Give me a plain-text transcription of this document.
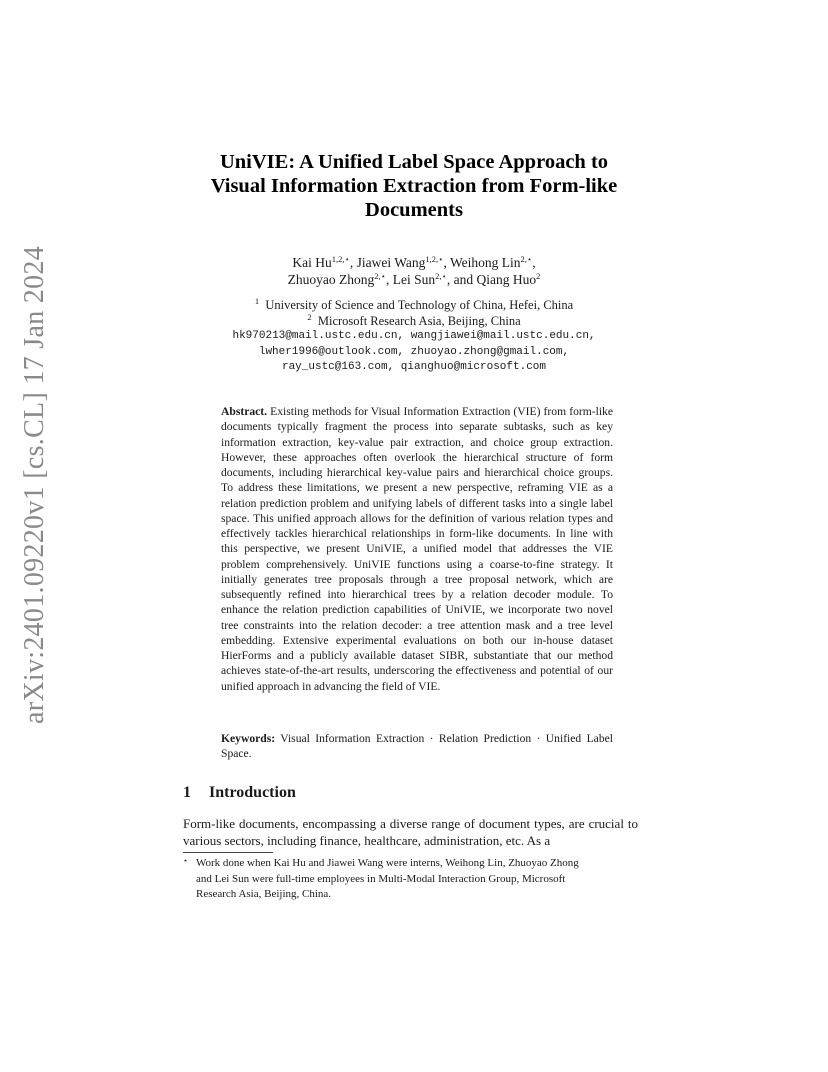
arXiv:2401.09220v1 [cs.CL] 17 Jan 2024
UniVIE: A Unified Label Space Approach to
Visual Information Extraction from Form-like
Documents
Kai $Hu^{1,2,⋆}$, Jiawei Wang$^{1,2,⋆}$, Weihong Lin$^{2,⋆}$,
Zhuoyao Zhong$^{2,⋆}$, Lei Sun$^{2,⋆}$, and Qiang Huo$^2$
$^1$ University of Science and Technology of China, Hefei, China
$^2$ Microsoft Research Asia, Beijing, China
hk970213@mail.ustc.edu.cn, wangjiawei@mail.ustc.edu.cn,
lwher1996@outlook.com, zhuoyao.zhong@gmail.com,
ray_ustc@163.com, qianghuo@microsoft.com

Abstract. Existing methods for Visual Information Extraction (VIE) from form-like documents typically fragment the process into separate subtasks, such as key information extraction, key-value pair extraction, and choice group extraction. However, these approaches often overlook the hierarchical structure of form documents, including hierarchical key-value pairs and hierarchical choice groups. To address these limitations, we present a new perspective, reframing VIE as a relation prediction problem and unifying labels of different tasks into a single label space. This unified approach allows for the definition of various relation types and effectively tackles hierarchical relationships in form-like documents. In line with this perspective, we present UniVIE, a unified model that addresses the VIE problem comprehensively. UniVIE functions using a coarse-to-fine strategy. It initially generates tree proposals through a tree proposal network, which are subsequently refined into hierarchical trees by a relation decoder module. To enhance the relation prediction capabilities of UniVIE, we incorporate two novel tree constraints into the relation decoder: a tree attention mask and a tree level embedding. Extensive experimental evaluations on both our in-house dataset HierForms and a publicly available dataset SIBR, substantiate that our method achieves state-of-the-art results, underscoring the effectiveness and potential of our unified approach in advancing the field of VIE.

Keywords: Visual Information Extraction · Relation Prediction · Unified Label Space.

1 Introduction

Form-like documents, encompassing a diverse range of document types, are crucial to various sectors, including finance, healthcare, administration, etc. As a

⋆ Work done when Kai Hu and Jiawei Wang were interns, Weihong Lin, Zhuoyao Zhong
and Lei Sun were full-time employees in Multi-Modal Interaction Group, Microsoft
Research Asia, Beijing, China.
